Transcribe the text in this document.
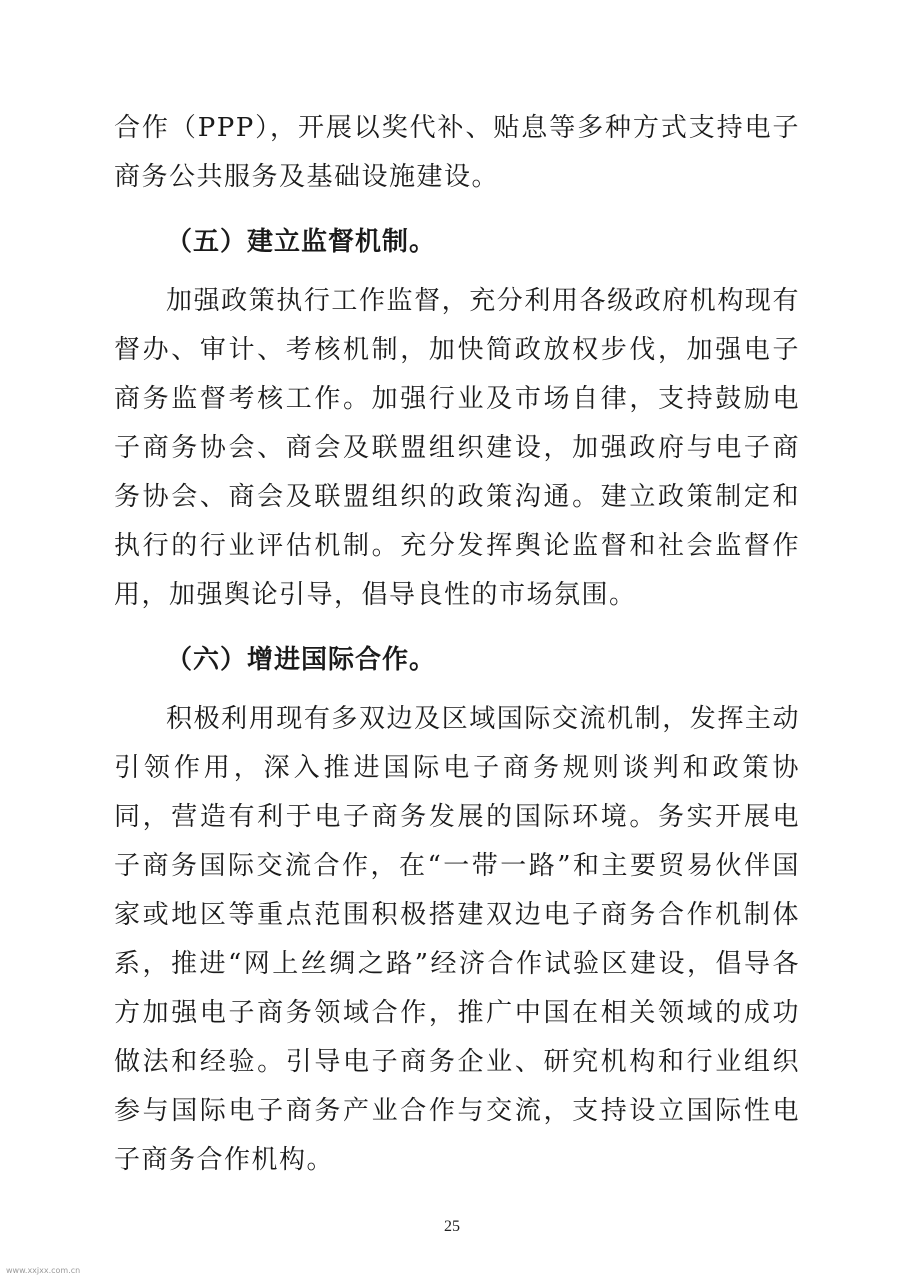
合作（PPP），开展以奖代补、贴息等多种方式支持电子商务公共服务及基础设施建设。

（五）建立监督机制。

加强政策执行工作监督，充分利用各级政府机构现有督办、审计、考核机制，加快简政放权步伐，加强电子商务监督考核工作。加强行业及市场自律，支持鼓励电子商务协会、商会及联盟组织建设，加强政府与电子商务协会、商会及联盟组织的政策沟通。建立政策制定和执行的行业评估机制。充分发挥舆论监督和社会监督作用，加强舆论引导，倡导良性的市场氛围。

（六）增进国际合作。

积极利用现有多双边及区域国际交流机制，发挥主动引领作用，深入推进国际电子商务规则谈判和政策协同，营造有利于电子商务发展的国际环境。务实开展电子商务国际交流合作，在“一带一路”和主要贸易伙伴国家或地区等重点范围积极搭建双边电子商务合作机制体系，推进“网上丝绸之路”经济合作试验区建设，倡导各方加强电子商务领域合作，推广中国在相关领域的成功做法和经验。引导电子商务企业、研究机构和行业组织参与国际电子商务产业合作与交流，支持设立国际性电子商务合作机构。

25
www.xxjxx.com.cn
